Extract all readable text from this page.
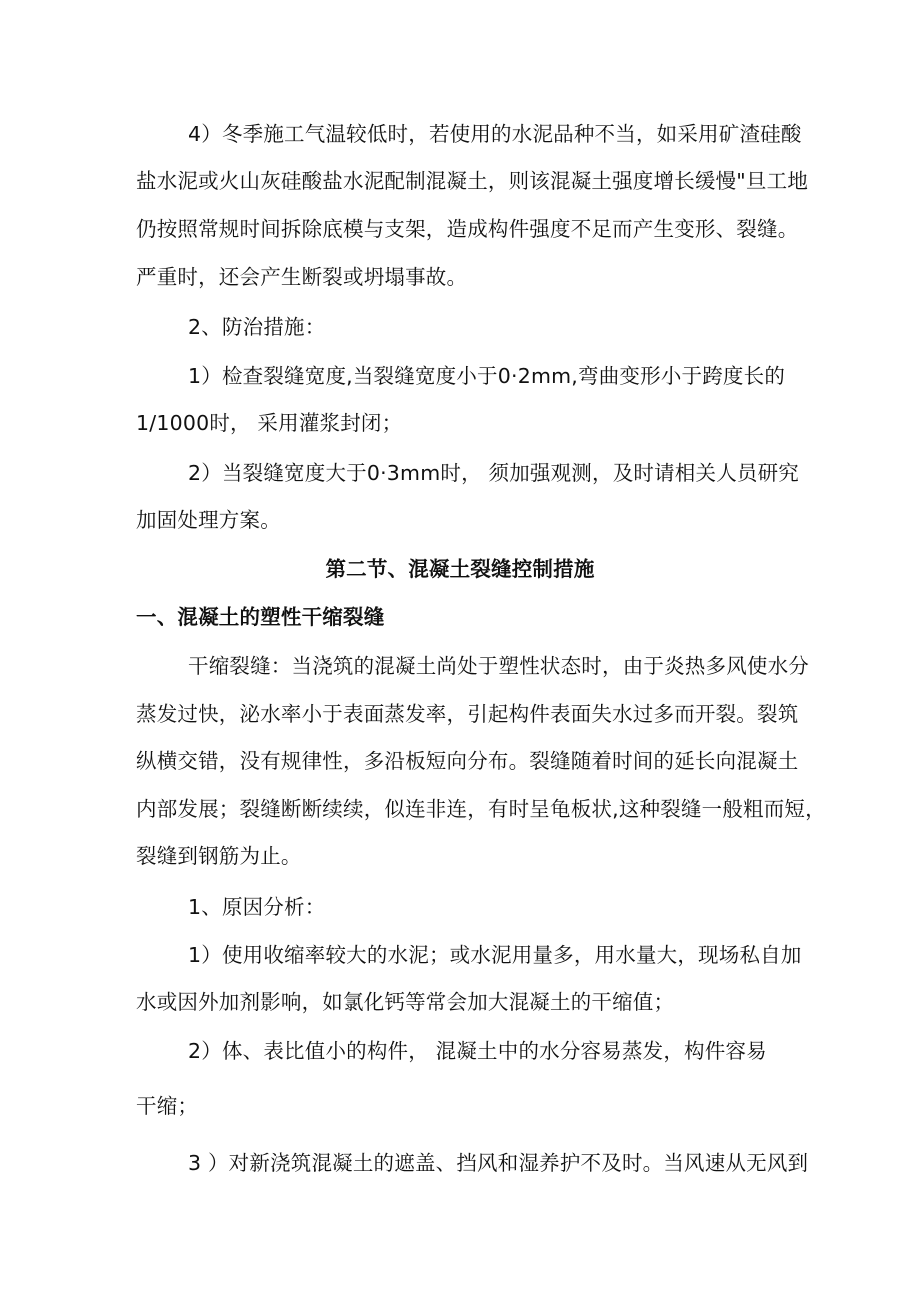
4）冬季施工气温较低时，若使用的水泥品种不当，如采用矿渣硅酸
盐水泥或火山灰硅酸盐水泥配制混凝土，则该混凝土强度增长缓慢"旦工地
仍按照常规时间拆除底模与支架，造成构件强度不足而产生变形、裂缝。
严重时，还会产生断裂或坍塌事故。
2、防治措施：
1）检查裂缝宽度,当裂缝宽度小于0·2mm,弯曲变形小于跨度长的
1/1000时， 采用灌浆封闭；
2）当裂缝宽度大于0·3mm时， 须加强观测，及时请相关人员研究
加固处理方案。
第二节、混凝土裂缝控制措施
一、混凝土的塑性干缩裂缝
干缩裂缝：当浇筑的混凝土尚处于塑性状态时，由于炎热多风使水分
蒸发过快，泌水率小于表面蒸发率，引起构件表面失水过多而开裂。裂筑
纵横交错，没有规律性，多沿板短向分布。裂缝随着时间的延长向混凝土
内部发展；裂缝断断续续，似连非连，有时呈龟板状,这种裂缝一般粗而短，
裂缝到钢筋为止。
1、原因分析：
1）使用收缩率较大的水泥；或水泥用量多，用水量大，现场私自加
水或因外加剂影响，如氯化钙等常会加大混凝土的干缩值；
2）体、表比值小的构件， 混凝土中的水分容易蒸发，构件容易
干缩；
3 ）对新浇筑混凝土的遮盖、挡风和湿养护不及时。当风速从无风到
